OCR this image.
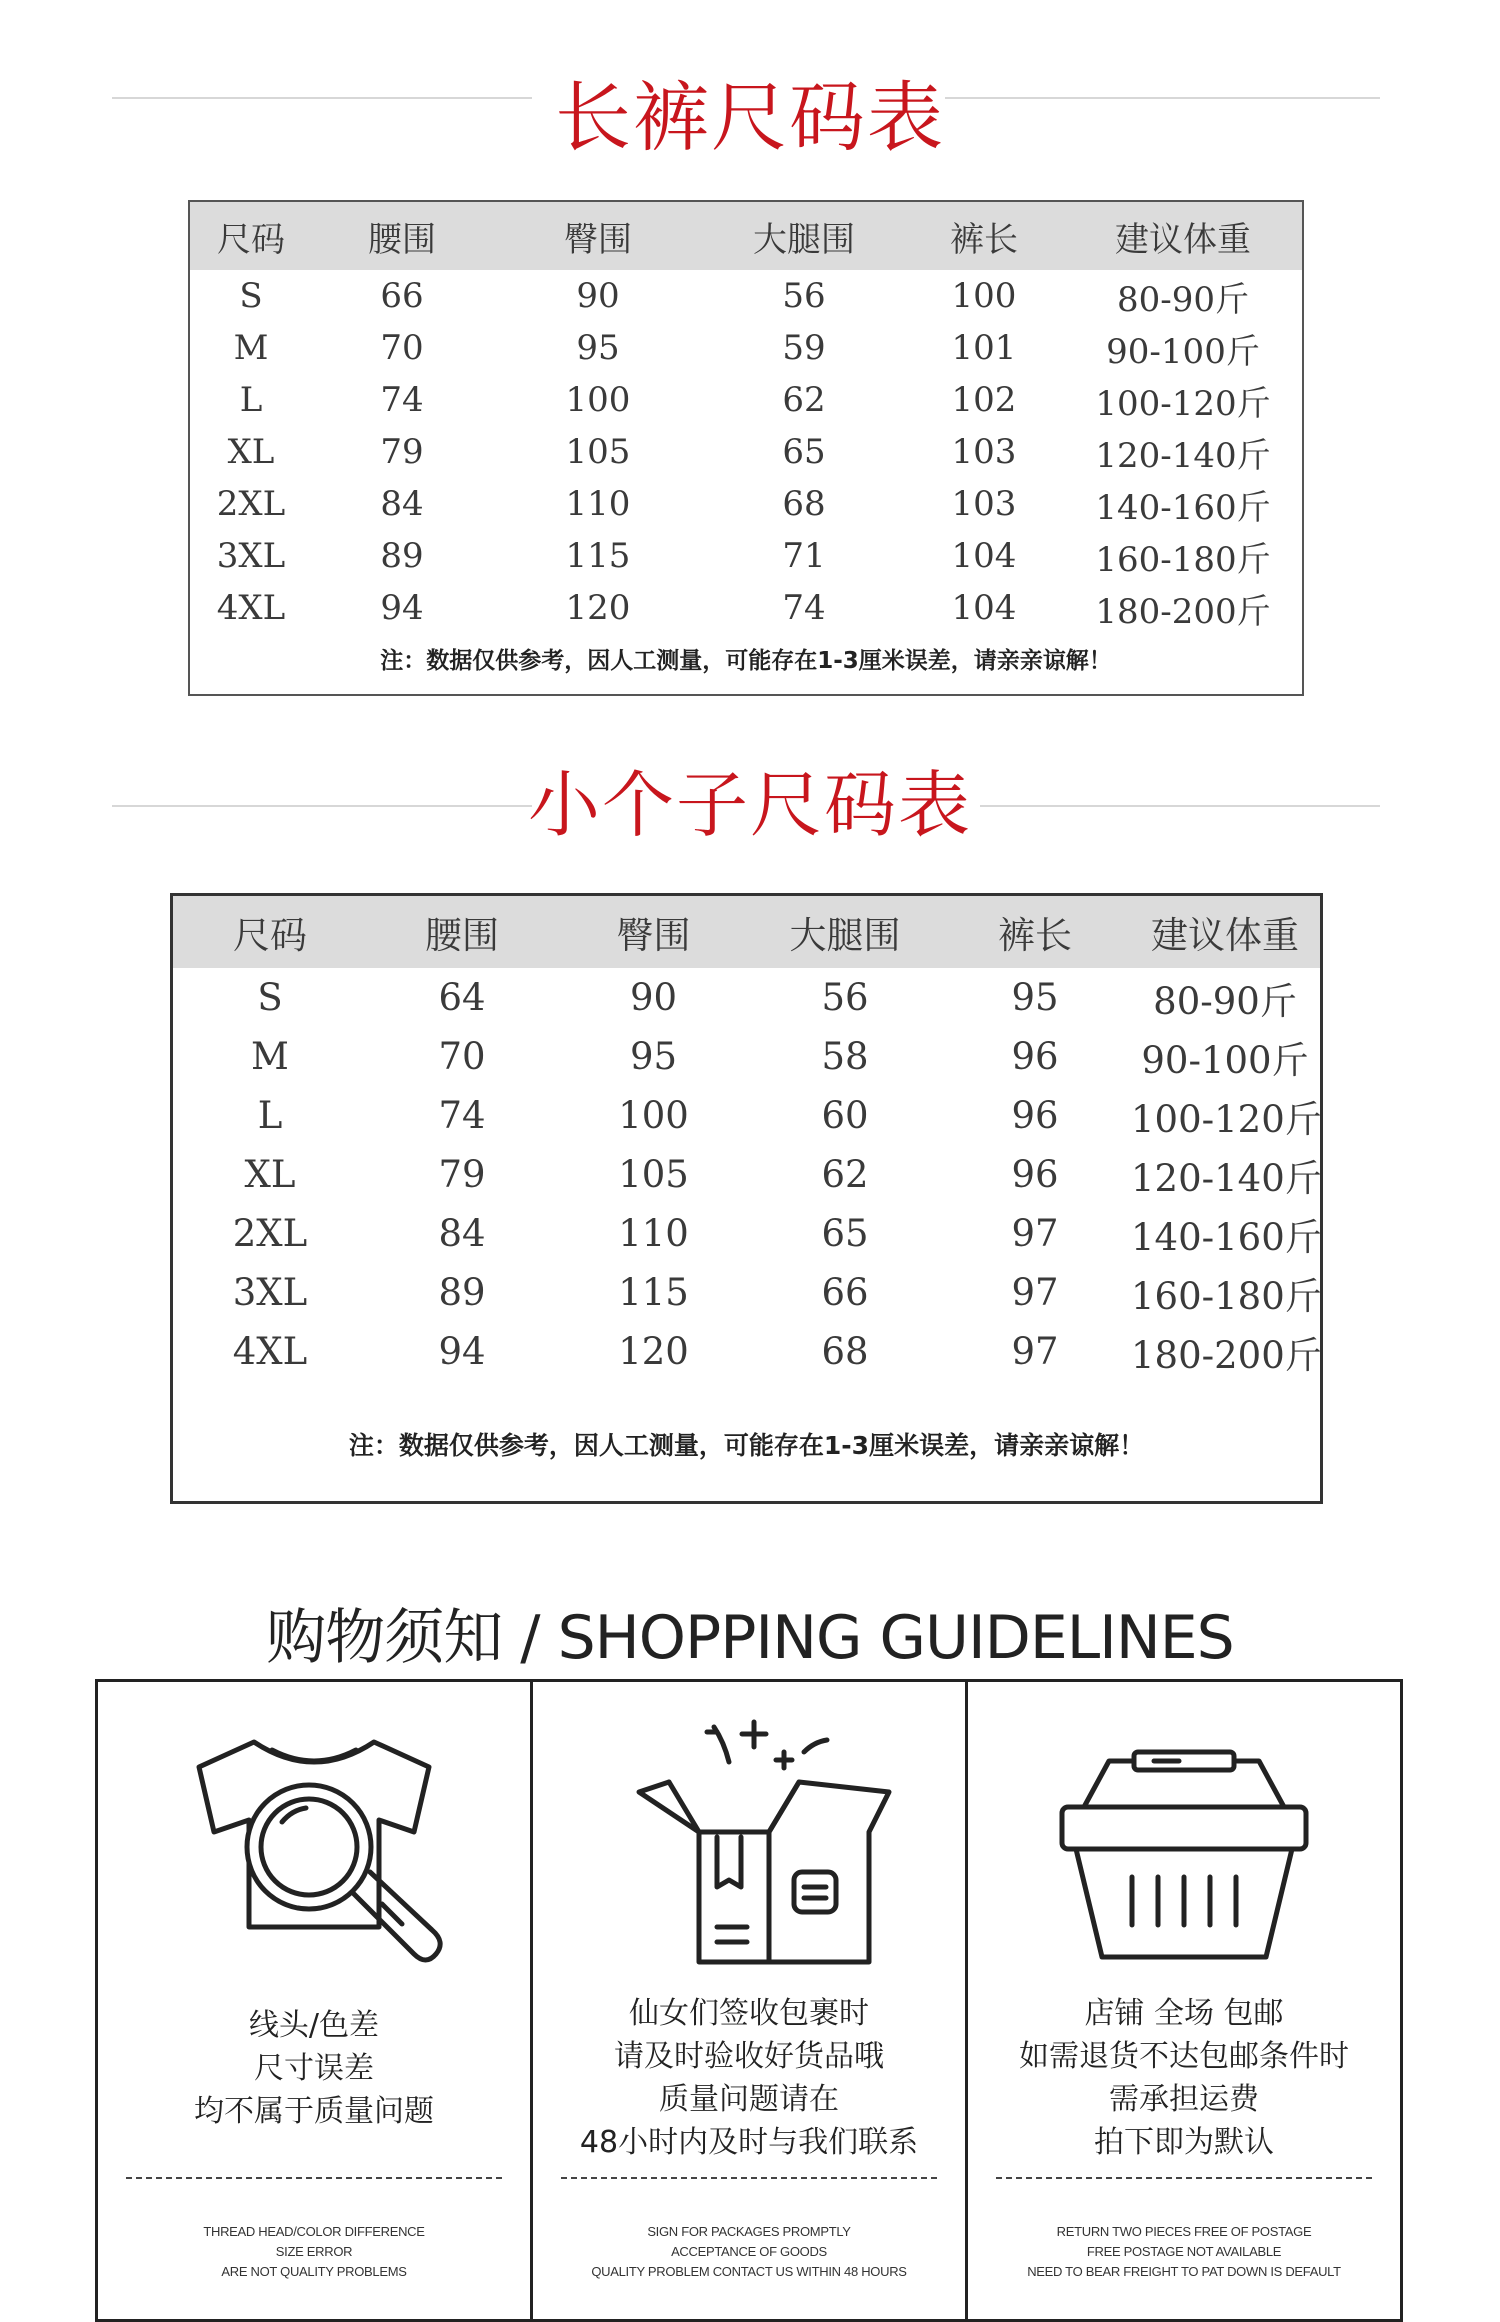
长裤尺码表
尺码	腰围	臀围	大腿围	裤长	建议体重
S	66	90	56	100	80-90斤
M	70	95	59	101	90-100斤
L	74	100	62	102	100-120斤
XL	79	105	65	103	120-140斤
2XL	84	110	68	103	140-160斤
3XL	89	115	71	104	160-180斤
4XL	94	120	74	104	180-200斤
注：数据仅供参考，因人工测量，可能存在1-3厘米误差，请亲亲谅解！
小个子尺码表
尺码	腰围	臀围	大腿围	裤长	建议体重
S	64	90	56	95	80-90斤
M	70	95	58	96	90-100斤
L	74	100	60	96	100-120斤
XL	79	105	62	96	120-140斤
2XL	84	110	65	97	140-160斤
3XL	89	115	66	97	160-180斤
4XL	94	120	68	97	180-200斤
注：数据仅供参考，因人工测量，可能存在1-3厘米误差，请亲亲谅解！
购物须知 / SHOPPING GUIDELINES
线头/色差
尺寸误差
均不属于质量问题
THREAD HEAD/COLOR DIFFERENCE
SIZE ERROR
ARE NOT QUALITY PROBLEMS
仙女们签收包裹时
请及时验收好货品哦
质量问题请在
48小时内及时与我们联系
SIGN FOR PACKAGES PROMPTLY
ACCEPTANCE OF GOODS
QUALITY PROBLEM CONTACT US WITHIN 48 HOURS
店铺 全场 包邮
如需退货不达包邮条件时
需承担运费
拍下即为默认
RETURN TWO PIECES FREE OF POSTAGE
FREE POSTAGE NOT AVAILABLE
NEED TO BEAR FREIGHT TO PAT DOWN IS DEFAULT
